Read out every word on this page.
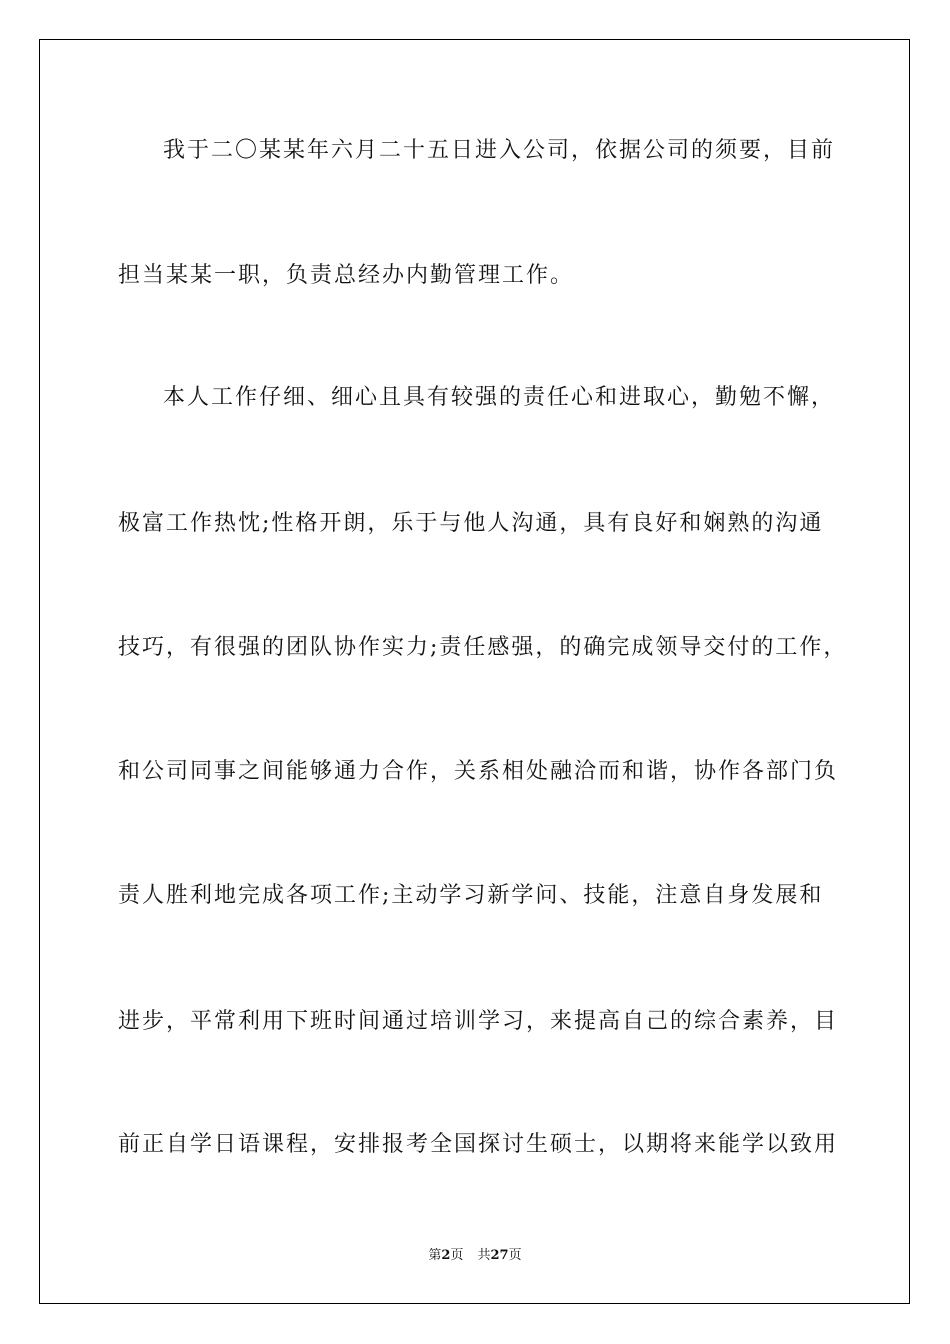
我于二〇某某年六月二十五日进入公司，依据公司的须要，目前
担当某某一职，负责总经办内勤管理工作。
本人工作仔细、细心且具有较强的责任心和进取心，勤勉不懈，
极富工作热忱;性格开朗，乐于与他人沟通，具有良好和娴熟的沟通
技巧，有很强的团队协作实力;责任感强，的确完成领导交付的工作，
和公司同事之间能够通力合作，关系相处融洽而和谐，协作各部门负
责人胜利地完成各项工作;主动学习新学问、技能，注意自身发展和
进步，平常利用下班时间通过培训学习，来提高自己的综合素养，目
前正自学日语课程，安排报考全国探讨生硕士，以期将来能学以致用
第2页 共27页
